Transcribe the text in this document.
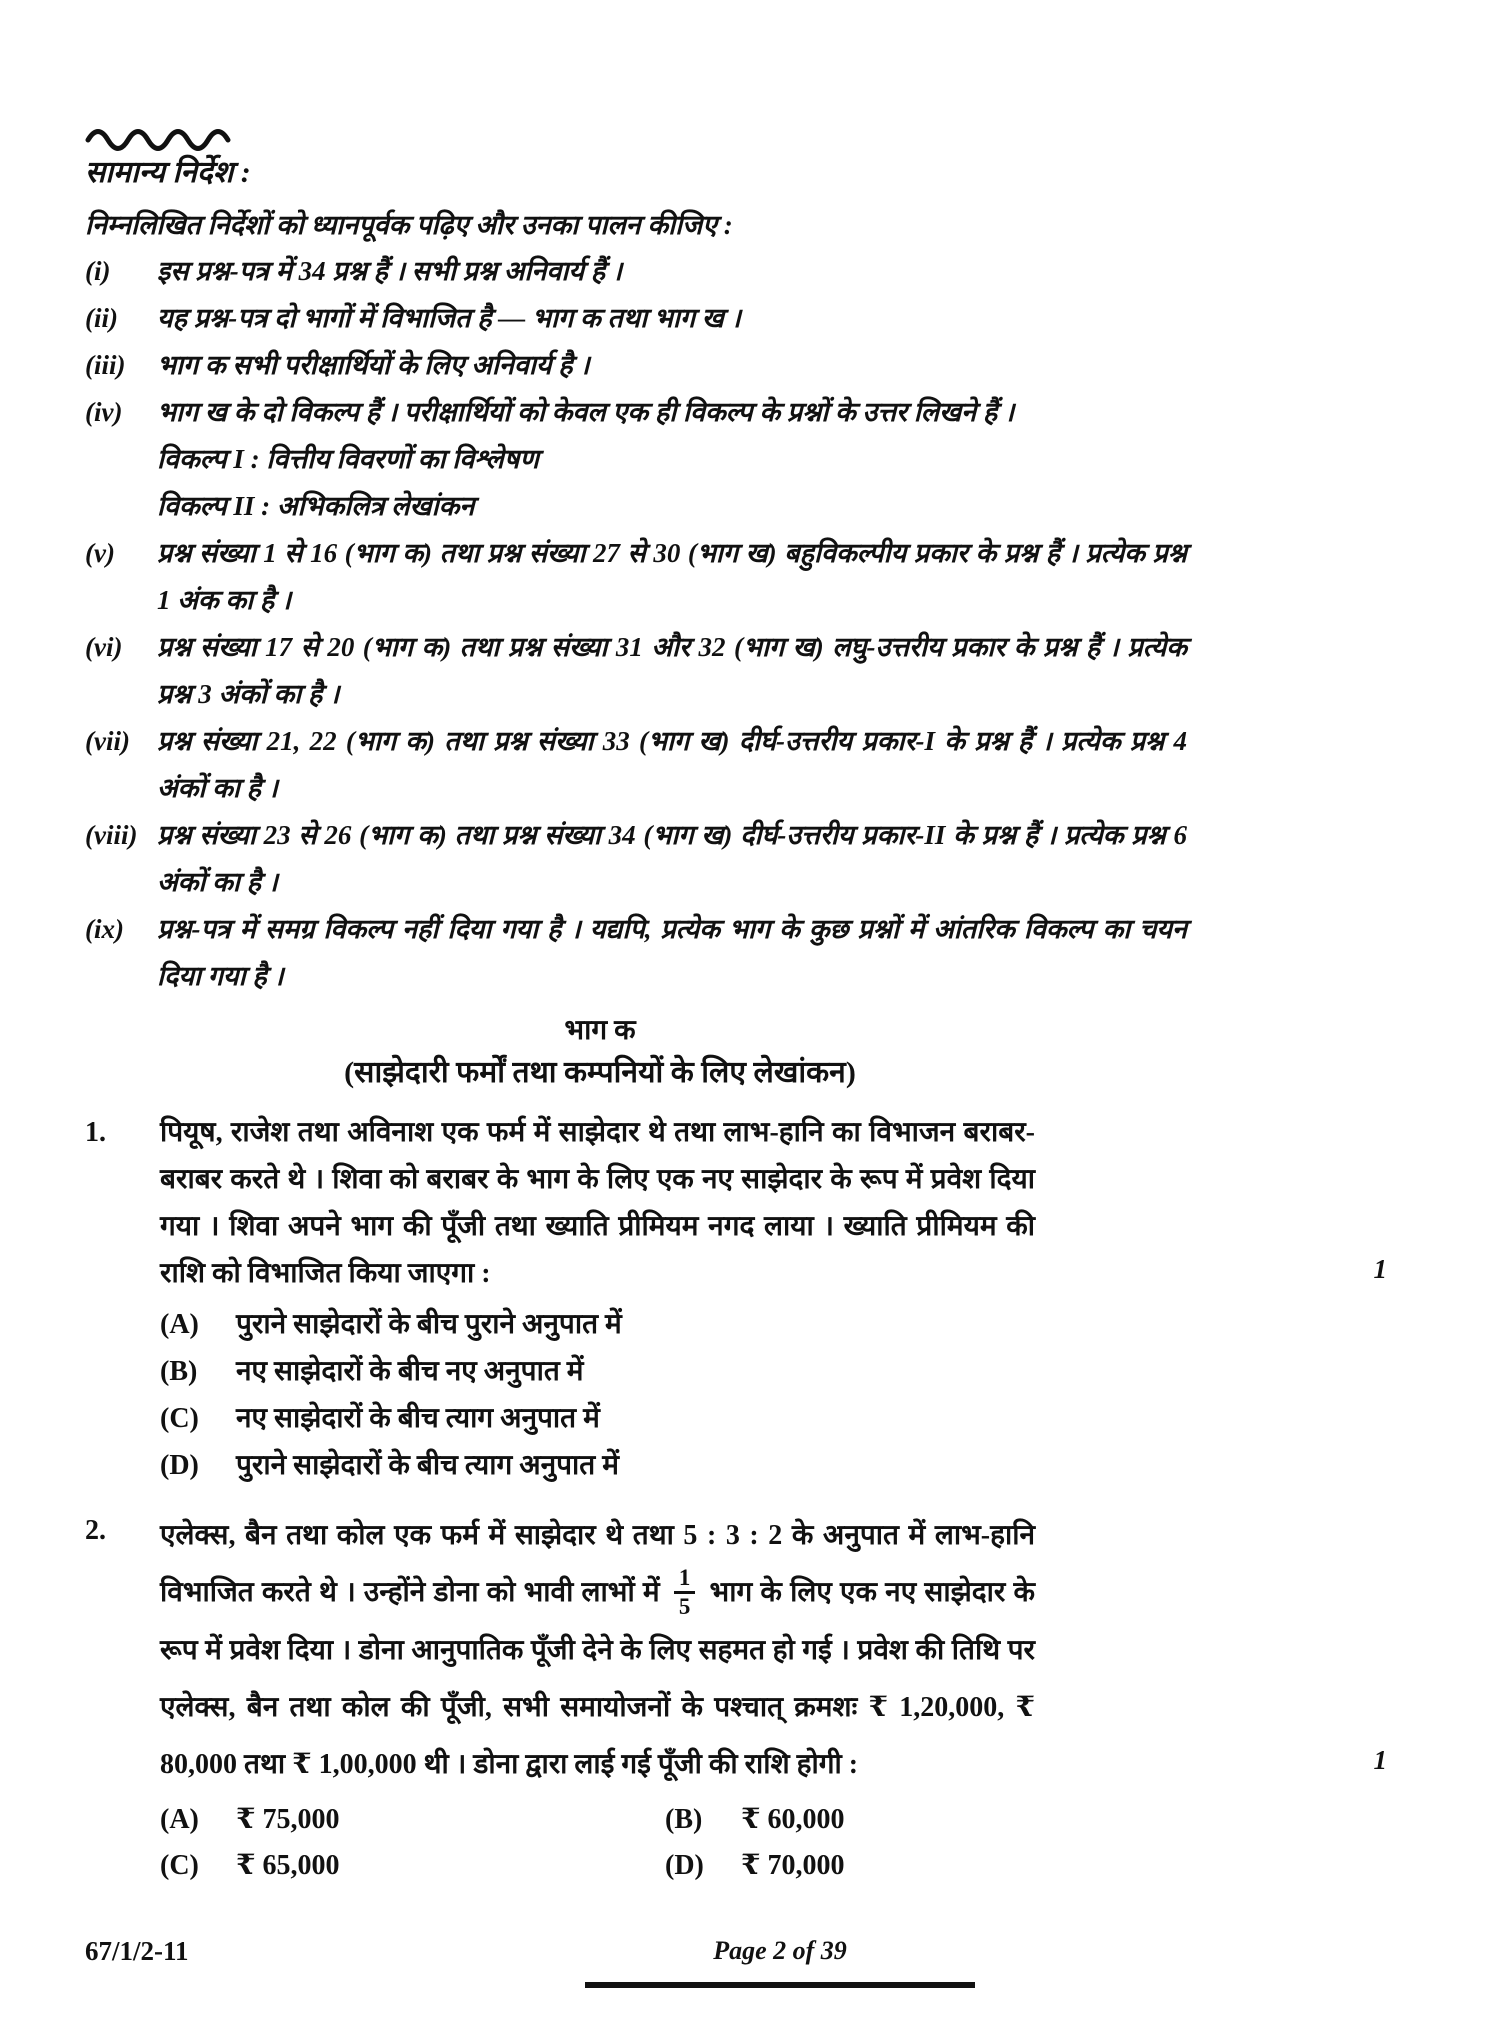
सामान्य निर्देश :
निम्नलिखित निर्देशों को ध्यानपूर्वक पढ़िए और उनका पालन कीजिए :
(i)	इस प्रश्न-पत्र में 34 प्रश्न हैं । सभी प्रश्न अनिवार्य हैं ।
(ii)	यह प्रश्न-पत्र दो भागों में विभाजित है — भाग क तथा भाग ख ।
(iii)	भाग क सभी परीक्षार्थियों के लिए अनिवार्य है ।
(iv)	भाग ख के दो विकल्प हैं । परीक्षार्थियों को केवल एक ही विकल्प के प्रश्नों के उत्तर लिखने हैं ।
विकल्प I : वित्तीय विवरणों का विश्लेषण
विकल्प II : अभिकलित्र लेखांकन
(v)	प्रश्न संख्या 1 से 16 (भाग क) तथा प्रश्न संख्या 27 से 30 (भाग ख) बहुविकल्पीय प्रकार के प्रश्न हैं । प्रत्येक प्रश्न 1 अंक का है ।
(vi)	प्रश्न संख्या 17 से 20 (भाग क) तथा प्रश्न संख्या 31 और 32 (भाग ख) लघु-उत्तरीय प्रकार के प्रश्न हैं । प्रत्येक प्रश्न 3 अंकों का है ।
(vii)	प्रश्न संख्या 21, 22 (भाग क) तथा प्रश्न संख्या 33 (भाग ख) दीर्घ-उत्तरीय प्रकार-I के प्रश्न हैं । प्रत्येक प्रश्न 4 अंकों का है ।
(viii) प्रश्न संख्या 23 से 26 (भाग क) तथा प्रश्न संख्या 34 (भाग ख) दीर्घ-उत्तरीय प्रकार-II के प्रश्न हैं । प्रत्येक प्रश्न 6 अंकों का है ।
(ix)	प्रश्न-पत्र में समग्र विकल्प नहीं दिया गया है । यद्यपि, प्रत्येक भाग के कुछ प्रश्नों में आंतरिक विकल्प का चयन दिया गया है ।
भाग क
(साझेदारी फर्मों तथा कम्पनियों के लिए लेखांकन)
1.	पियूष, राजेश तथा अविनाश एक फर्म में साझेदार थे तथा लाभ-हानि का विभाजन बराबर-बराबर करते थे । शिवा को बराबर के भाग के लिए एक नए साझेदार के रूप में प्रवेश दिया गया । शिवा अपने भाग की पूँजी तथा ख्याति प्रीमियम नगद लाया । ख्याति प्रीमियम की राशि को विभाजित किया जाएगा :	1

(A)	पुराने साझेदारों के बीच पुराने अनुपात में
(B)	नए साझेदारों के बीच नए अनुपात में
(C)	नए साझेदारों के बीच त्याग अनुपात में
(D)	पुराने साझेदारों के बीच त्याग अनुपात में
2.	एलेक्स, बैन तथा कोल एक फर्म में साझेदार थे तथा 5 : 3 : 2 के अनुपात में लाभ-हानि विभाजित करते थे । उन्होंने डोना को भावी लाभों में $\frac{1}{5}$ भाग के लिए एक नए साझेदार के रूप में प्रवेश दिया । डोना आनुपातिक पूँजी देने के लिए सहमत हो गई । प्रवेश की तिथि पर एलेक्स, बैन तथा कोल की पूँजी, सभी समायोजनों के पश्चात् क्रमशः ₹ 1,20,000, ₹ 80,000 तथा ₹ 1,00,000 थी । डोना द्वारा लाई गई पूँजी की राशि होगी :	1

(A)	₹ 75,000	(B)	₹ 60,000
(C)	₹ 65,000	(D)	₹ 70,000
67/1/2-11	Page 2 of 39
